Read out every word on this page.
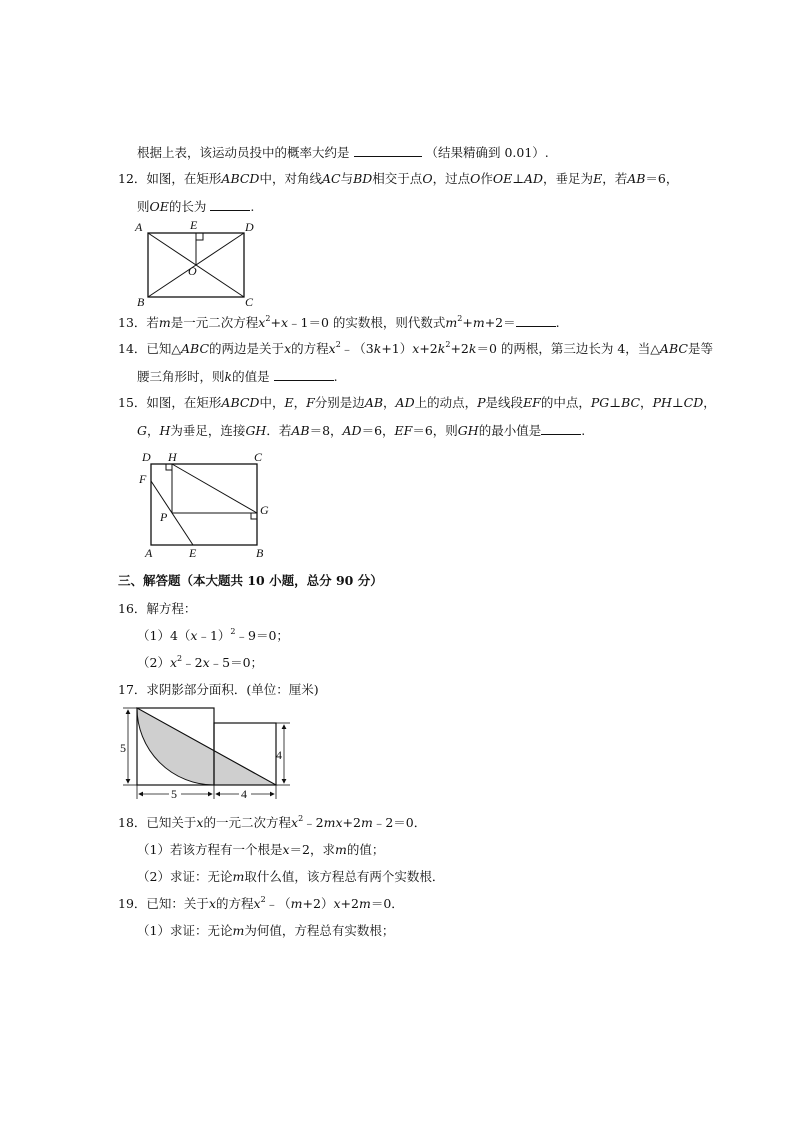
根据上表，该运动员投中的概率大约是	（结果精确到 0.01）.
12．如图，在矩形ABCD中，对角线AC与BD相交于点O，过点O作OE⊥AD，垂足为E，若AB＝6，
则OE的长为	.
A	E	D
O
B	C
13．若m是一元二次方程$x^2+x﹣1=0$ 的实数根，则代数式$m^2+m+2=$	.
14．已知△ABC的两边是关于x的方程$x^2﹣(3k+1)x+2k^2+2k=0$ 的两根，第三边长为 4，当△ABC是等
腰三角形时，则k的值是	.
15．如图，在矩形ABCD中，E，F分别是边AB，AD上的动点，P是线段EF的中点，PG⊥BC，PH⊥CD，
G，H为垂足，连接GH．若AB＝8，AD＝6，EF＝6，则GH的最小值是	.
D H	C
F
G
P
A	E	B
三、解答题（本大题共 10 小题，总分 90 分）
16．解方程：
（1）4（x﹣1）$^2$﹣9＝0；
$(2)x^2﹣2x﹣5=0$；
17．求阴影部分面积．(单位：厘米)
5	4
5	4
18．已知关于x的一元二次方程$x^2﹣2mx+2m﹣2=0$．
（1）若该方程有一个根是x＝2，求m的值；
（2）求证：无论m取什么值，该方程总有两个实数根．
19．已知：关于x的方程$x^2﹣(m+2)x+2m=0$．
（1）求证：无论m为何值，方程总有实数根；
